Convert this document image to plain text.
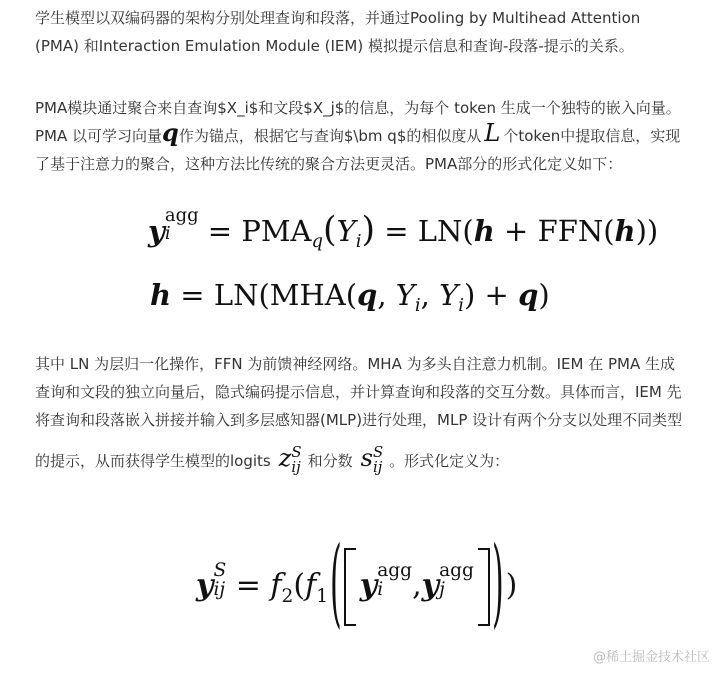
学生模型以双编码器的架构分别处理查询和段落，并通过Pooling by Multihead Attention
(PMA) 和Interaction Emulation Module (IEM) 模拟提示信息和查询-段落-提示的关系。
PMA模块通过聚合来自查询$X_i$和文段$X_j$的信息，为每个 token 生成一个独特的嵌入向量。
PMA 以可学习向量q作为锚点，根据它与查询$\bm q$的相似度从 L 个token中提取信息，实现
了基于注意力的聚合，这种方法比传统的聚合方法更灵活。PMA部分的形式化定义如下：
y agg
$i = PMA_q(Y_i) = LN(h + FFN(h))$
h = LN(MHA(q, $Y_i$, $Y_i) + q$)
其中 LN 为层归一化操作，FFN 为前馈神经网络。MHA 为多头自注意力机制。IEM 在 PMA 生成
查询和文段的独立向量后，隐式编码提示信息，并计算查询和段落的交互分数。具体而言，IEM 先
将查询和段落嵌入拼接并输入到多层感知器(MLP)进行处理，MLP 设计有两个分支以处理不同类型
的提示，从而获得学生模型的logits z S
ij 和分数 s S
ij 。形式化定义为：
y S
ij = $f_2(f_1$( y agg
i ,y agg
j	))
@稀土掘金技术社区
